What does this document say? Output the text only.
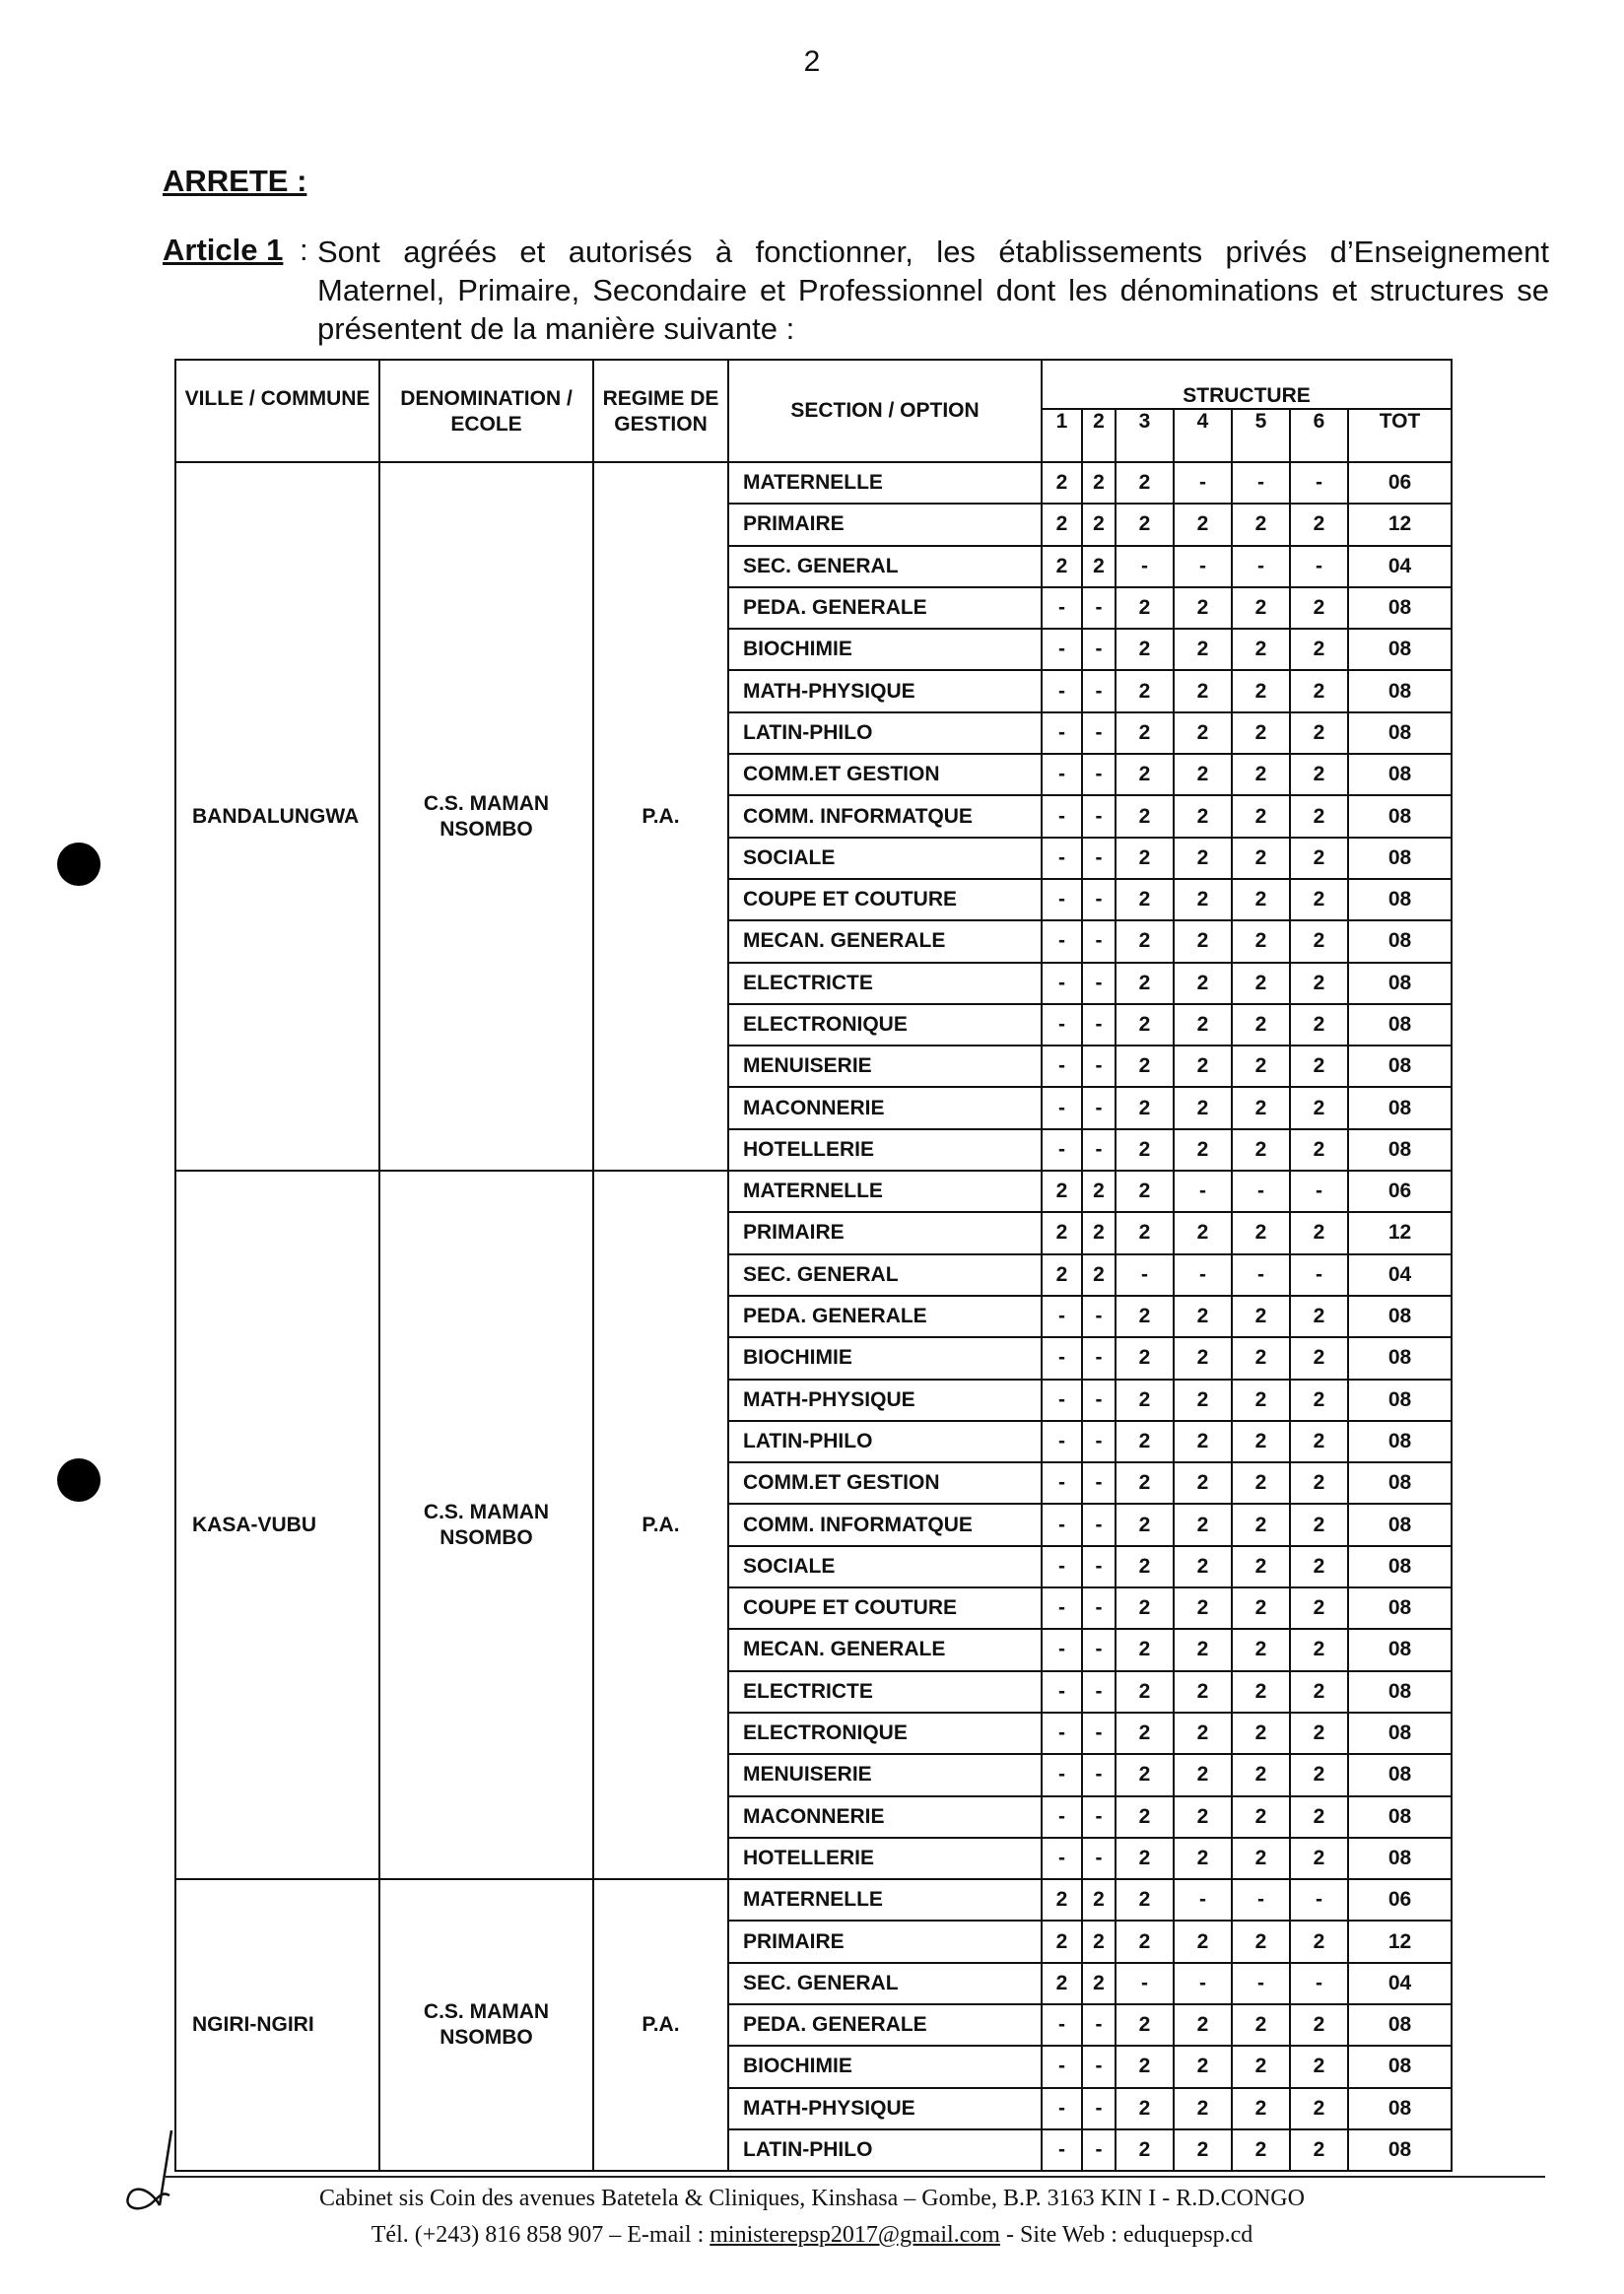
2
ARRETE :
Article 1 : Sont agréés et autorisés à fonctionner, les établissements privés d’Enseignement Maternel, Primaire, Secondaire et Professionnel dont les dénominations et structures se présentent de la manière suivante :
VILLE / COMMUNE	DENOMINATION / ECOLE	REGIME DE GESTION	SECTION / OPTION	STRUCTURE						
				1	2	3	4	5	6	TOT
BANDALUNGWA	C.S. MAMAN NSOMBO	P.A.	MATERNELLE	2	2	2	-	-	-	06
			PRIMAIRE	2	2	2	2	2	2	12
			SEC. GENERAL	2	2	-	-	-	-	04
			PEDA. GENERALE	-	-	2	2	2	2	08
			BIOCHIMIE	-	-	2	2	2	2	08
			MATH-PHYSIQUE	-	-	2	2	2	2	08
			LATIN-PHILO	-	-	2	2	2	2	08
			COMM.ET GESTION	-	-	2	2	2	2	08
			COMM. INFORMATQUE	-	-	2	2	2	2	08
			SOCIALE	-	-	2	2	2	2	08
			COUPE ET COUTURE	-	-	2	2	2	2	08
			MECAN. GENERALE	-	-	2	2	2	2	08
			ELECTRICTE	-	-	2	2	2	2	08
			ELECTRONIQUE	-	-	2	2	2	2	08
			MENUISERIE	-	-	2	2	2	2	08
			MACONNERIE	-	-	2	2	2	2	08
			HOTELLERIE	-	-	2	2	2	2	08
KASA-VUBU	C.S. MAMAN NSOMBO	P.A.	MATERNELLE	2	2	2	-	-	-	06
			PRIMAIRE	2	2	2	2	2	2	12
			SEC. GENERAL	2	2	-	-	-	-	04
			PEDA. GENERALE	-	-	2	2	2	2	08
			BIOCHIMIE	-	-	2	2	2	2	08
			MATH-PHYSIQUE	-	-	2	2	2	2	08
			LATIN-PHILO	-	-	2	2	2	2	08
			COMM.ET GESTION	-	-	2	2	2	2	08
			COMM. INFORMATQUE	-	-	2	2	2	2	08
			SOCIALE	-	-	2	2	2	2	08
			COUPE ET COUTURE	-	-	2	2	2	2	08
			MECAN. GENERALE	-	-	2	2	2	2	08
			ELECTRICTE	-	-	2	2	2	2	08
			ELECTRONIQUE	-	-	2	2	2	2	08
			MENUISERIE	-	-	2	2	2	2	08
			MACONNERIE	-	-	2	2	2	2	08
			HOTELLERIE	-	-	2	2	2	2	08
NGIRI-NGIRI	C.S. MAMAN NSOMBO	P.A.	MATERNELLE	2	2	2	-	-	-	06
			PRIMAIRE	2	2	2	2	2	2	12
			SEC. GENERAL	2	2	-	-	-	-	04
			PEDA. GENERALE	-	-	2	2	2	2	08
			BIOCHIMIE	-	-	2	2	2	2	08
			MATH-PHYSIQUE	-	-	2	2	2	2	08
			LATIN-PHILO	-	-	2	2	2	2	08
Cabinet sis Coin des avenues Batetela & Cliniques, Kinshasa – Gombe, B.P. 3163 KIN I - R.D.CONGO
Tél. (+243) 816 858 907 – E-mail : ministerepsp2017@gmail.com - Site Web : eduquepsp.cd
